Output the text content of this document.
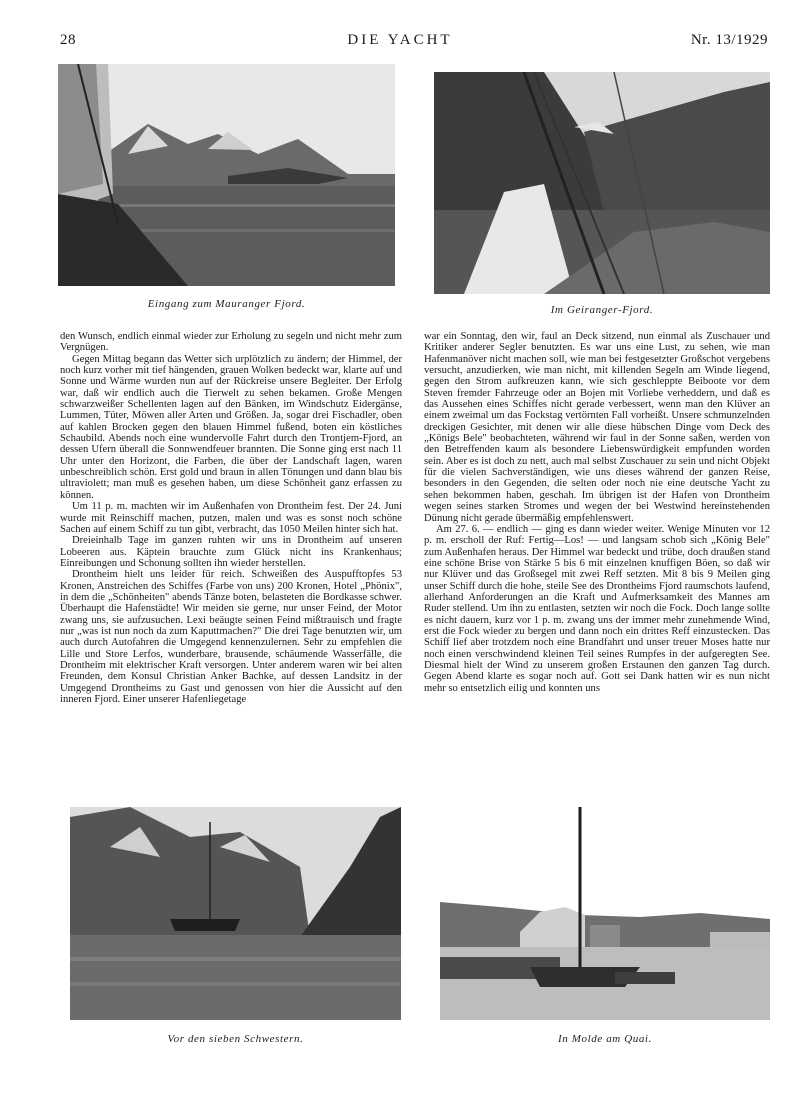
28	DIE YACHT	Nr. 13/1929
Eingang zum Mauranger Fjord.	Im Geiranger-Fjord.

den Wunsch, endlich einmal wieder zur Erholung zu segeln und nicht mehr zum Vergnügen.

Gegen Mittag begann das Wetter sich urplötzlich zu ändern; der Himmel, der noch kurz vorher mit tief hängenden, grauen Wolken bedeckt war, klarte auf und Sonne und Wärme wurden nun auf der Rückreise unsere Begleiter. Der Erfolg war, daß wir endlich auch die Tierwelt zu sehen bekamen. Große Mengen schwarzweißer Schellenten lagen auf den Bänken, im Windschutz Eidergänse, Lummen, Tüter, Möwen aller Arten und Größen. Ja, sogar drei Fischadler, oben auf kahlen Brocken gegen den blauen Himmel fußend, boten ein köstliches Schaubild. Abends noch eine wundervolle Fahrt durch den Trontjem-Fjord, an dessen Ufern überall die Sonnwendfeuer brannten. Die Sonne ging erst nach 11 Uhr unter den Horizont, die Farben, die über der Landschaft lagen, waren unbeschreiblich schön. Erst gold und braun in allen Tönungen und dann blau bis ultraviolett; man muß es gesehen haben, um diese Schönheit ganz erfassen zu können.

Um 11 p. m. machten wir im Außenhafen von Drontheim fest. Der 24. Juni wurde mit Reinschiff machen, putzen, malen und was es sonst noch schöne Sachen auf einem Schiff zu tun gibt, verbracht, das 1050 Meilen hinter sich hat.

Dreieinhalb Tage im ganzen ruhten wir uns in Drontheim auf unseren Lobeeren aus. Käptein brauchte zum Glück nicht ins Krankenhaus; Einreibungen und Schonung sollten ihn wieder herstellen.

Drontheim hielt uns leider für reich. Schweißen des Auspufftopfes 53 Kronen, Anstreichen des Schiffes (Farbe von uns) 200 Kronen, Hotel „Phönix", in dem die „Schönheiten" abends Tänze boten, belasteten die Bordkasse schwer. Überhaupt die Hafenstädte! Wir meiden sie gerne, nur unser Feind, der Motor zwang uns, sie aufzusuchen. Lexi beäugte seinen Feind mißtrauisch und fragte nur „was ist nun noch da zum Kaputtmachen?" Die drei Tage benutzten wir, um auch durch Autofahren die Umgegend kennenzulernen. Sehr zu empfehlen die Lille und Store Lerfos, wunderbare, brausende, schäumende Wasserfälle, die Drontheim mit elektrischer Kraft versorgen. Unter anderem waren wir bei alten Freunden, dem Konsul Christian Anker Bachke, auf dessen Landsitz in der Umgegend Drontheims zu Gast und genossen von hier die Aussicht auf den inneren Fjord. Einer unserer Hafenliegetage

war ein Sonntag, den wir, faul an Deck sitzend, nun einmal als Zuschauer und Kritiker anderer Segler benutzten. Es war uns eine Lust, zu sehen, wie man Hafenmanöver nicht machen soll, wie man bei festgesetzter Großschot vergebens versucht, anzudierken, wie man nicht, mit killenden Segeln am Winde liegend, gegen den Strom aufkreuzen kann, wie sich geschleppte Beiboote vor dem Steven fremder Fahrzeuge oder an Bojen mit Vorliebe verheddern, und daß es das Aussehen eines Schiffes nicht gerade verbessert, wenn man den Klüver an einem zweimal um das Fockstag vertörnten Fall vorheißt. Unsere schmunzelnden dreckigen Gesichter, mit denen wir alle diese hübschen Dinge vom Deck des „Königs Bele" beobachteten, während wir faul in der Sonne saßen, werden von den Betreffenden kaum als besondere Liebenswürdigkeit empfunden worden sein. Aber es ist doch zu nett, auch mal selbst Zuschauer zu sein und nicht Objekt für die vielen Sachverständigen, wie uns dieses während der ganzen Reise, besonders in den Gegenden, die selten oder noch nie eine deutsche Yacht zu sehen bekommen haben, geschah. Im übrigen ist der Hafen von Drontheim wegen seines starken Stromes und wegen der bei Westwind hereinstehenden Dünung nicht gerade übermäßig empfehlenswert.

Am 27. 6. — endlich — ging es dann wieder weiter. Wenige Minuten vor 12 p. m. erscholl der Ruf: Fertig—Los! — und langsam schob sich „König Bele" zum Außenhafen heraus. Der Himmel war bedeckt und trübe, doch draußen stand eine schöne Brise von Stärke 5 bis 6 mit einzelnen knuffigen Böen, so daß wir nur Klüver und das Großsegel mit zwei Reff setzten. Mit 8 bis 9 Meilen ging unser Schiff durch die hohe, steile See des Drontheims Fjord raumschots laufend, allerhand Anforderungen an die Kraft und Aufmerksamkeit des Mannes am Ruder stellend. Um ihn zu entlasten, setzten wir noch die Fock. Doch lange sollte es nicht dauern, kurz vor 1 p. m. zwang uns der immer mehr zunehmende Wind, erst die Fock wieder zu bergen und dann noch ein drittes Reff einzustecken. Das Schiff lief aber trotzdem noch eine Brandfahrt und unser treuer Moses hatte nur noch einen verschwindend kleinen Teil seines Rumpfes in der aufgeregten See. Diesmal hielt der Wind zu unserem großen Erstaunen den ganzen Tag durch. Gegen Abend klarte es sogar noch auf. Gott sei Dank hatten wir es nun nicht mehr so entsetzlich eilig und konnten uns

Vor den sieben Schwestern.	In Molde am Quai.
